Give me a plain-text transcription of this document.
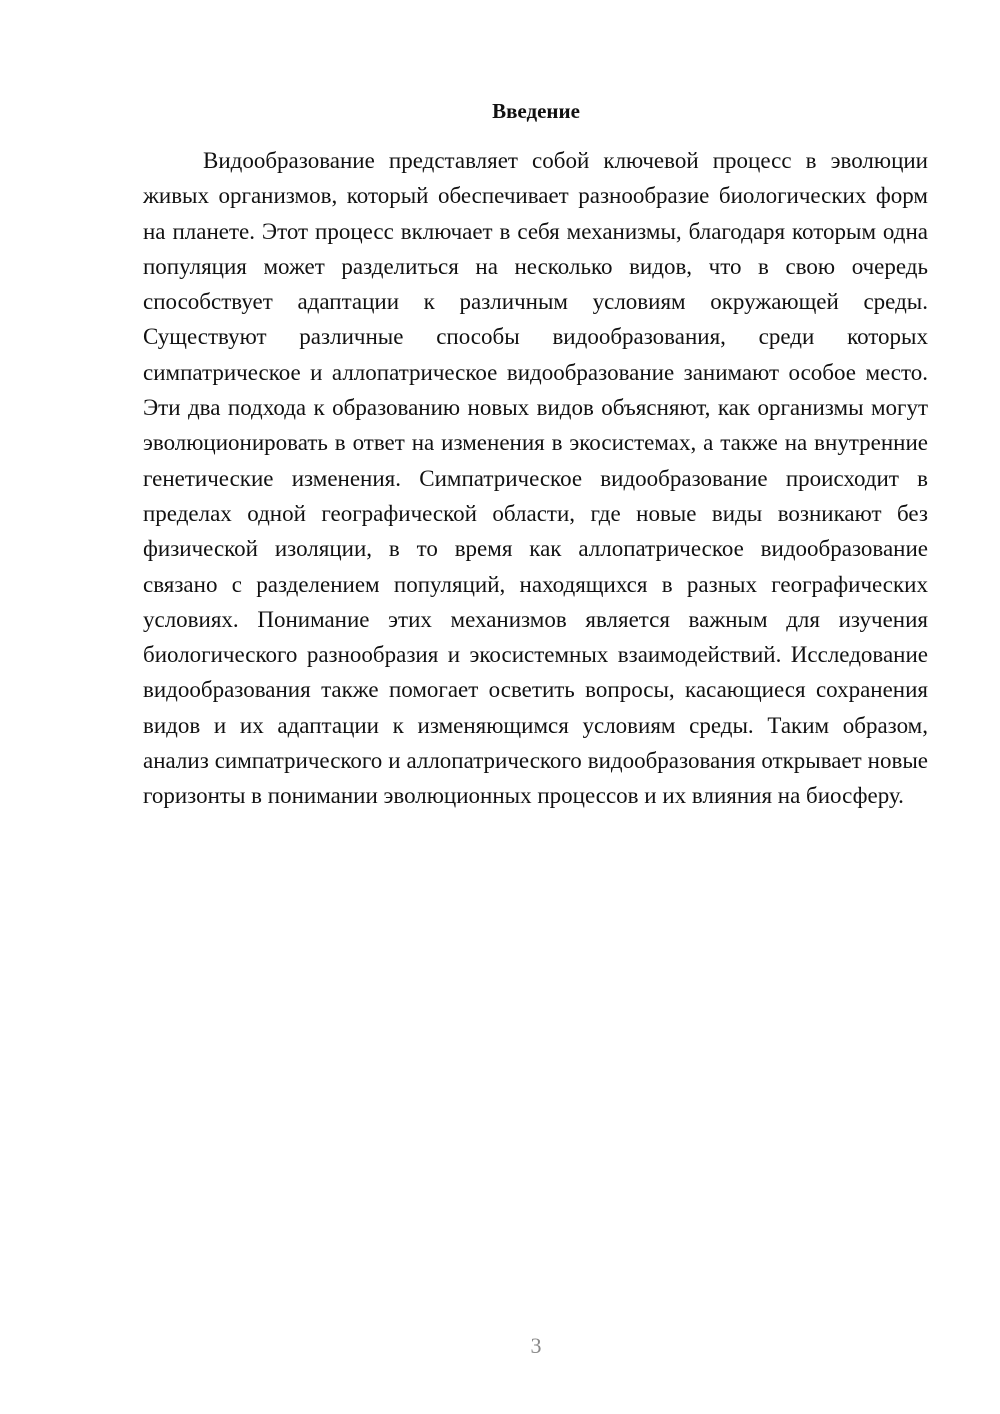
Введение

Видообразование представляет собой ключевой процесс в эволюции живых организмов, который обеспечивает разнообразие биологических форм на планете. Этот процесс включает в себя механизмы, благодаря которым одна популяция может разделиться на несколько видов, что в свою очередь способствует адаптации к различным условиям окружающей среды. Существуют различные способы видообразования, среди которых симпатрическое и аллопатрическое видообразование занимают особое место. Эти два подхода к образованию новых видов объясняют, как организмы могут эволюционировать в ответ на изменения в экосистемах, а также на внутренние генетические изменения. Симпатрическое видообразование происходит в пределах одной географической области, где новые виды возникают без физической изоляции, в то время как аллопатрическое видообразование связано с разделением популяций, находящихся в разных географических условиях. Понимание этих механизмов является важным для изучения биологического разнообразия и экосистемных взаимодействий. Исследование видообразования также помогает осветить вопросы, касающиеся сохранения видов и их адаптации к изменяющимся условиям среды. Таким образом, анализ симпатрического и аллопатрического видообразования открывает новые горизонты в понимании эволюционных процессов и их влияния на биосферу.

3
